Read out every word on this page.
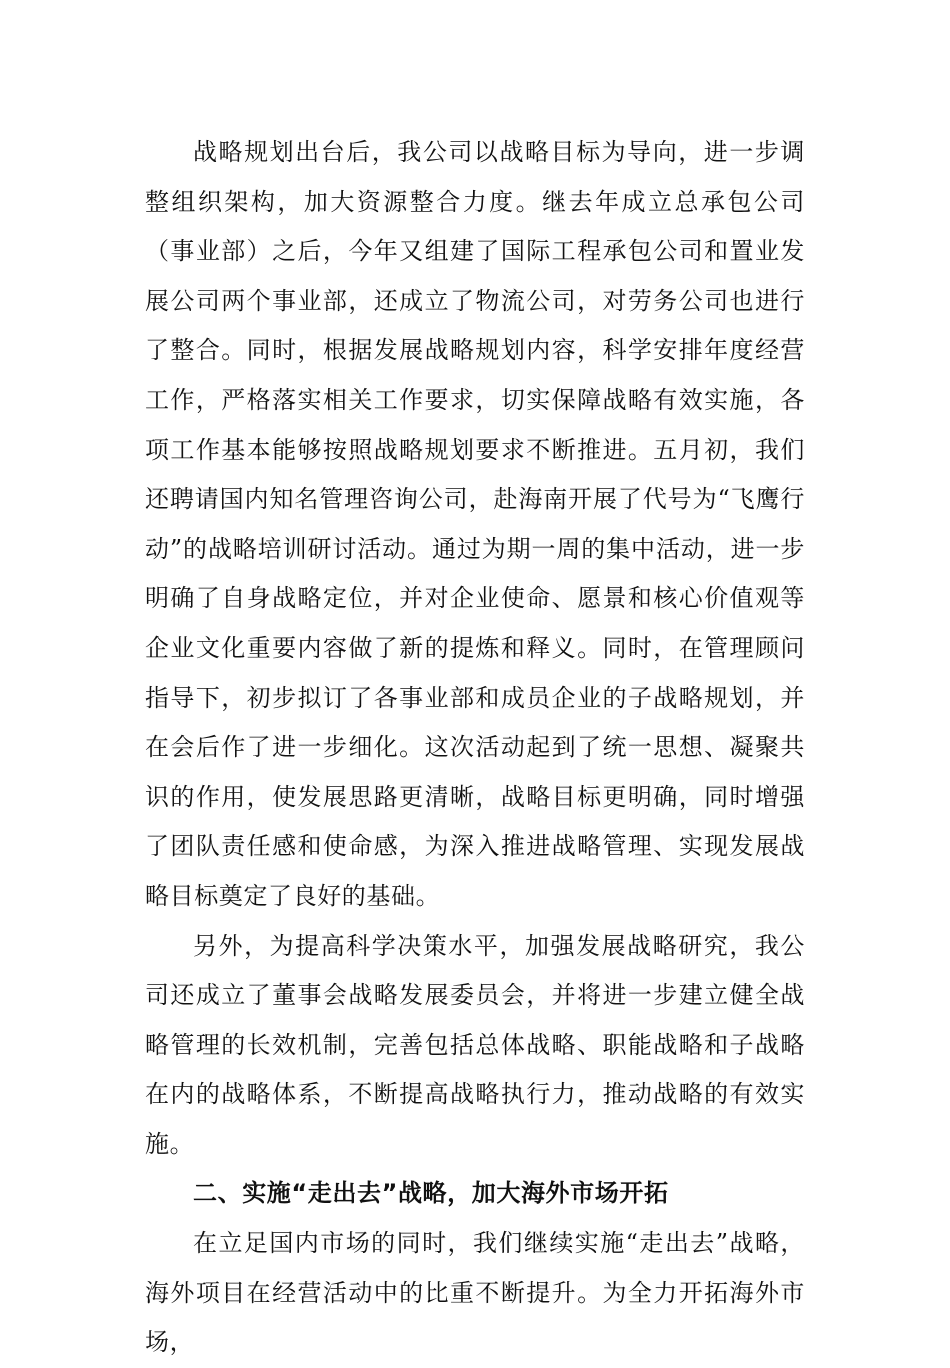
战略规划出台后，我公司以战略目标为导向，进一步调整组织架构，加大资源整合力度。继去年成立总承包公司（事业部）之后，今年又组建了国际工程承包公司和置业发展公司两个事业部，还成立了物流公司，对劳务公司也进行了整合。同时，根据发展战略规划内容，科学安排年度经营工作，严格落实相关工作要求，切实保障战略有效实施，各项工作基本能够按照战略规划要求不断推进。五月初，我们还聘请国内知名管理咨询公司，赴海南开展了代号为“飞鹰行动”的战略培训研讨活动。通过为期一周的集中活动，进一步明确了自身战略定位，并对企业使命、愿景和核心价值观等企业文化重要内容做了新的提炼和释义。同时，在管理顾问指导下，初步拟订了各事业部和成员企业的子战略规划，并在会后作了进一步细化。这次活动起到了统一思想、凝聚共识的作用，使发展思路更清晰，战略目标更明确，同时增强了团队责任感和使命感，为深入推进战略管理、实现发展战略目标奠定了良好的基础。

另外，为提高科学决策水平，加强发展战略研究，我公司还成立了董事会战略发展委员会，并将进一步建立健全战略管理的长效机制，完善包括总体战略、职能战略和子战略在内的战略体系，不断提高战略执行力，推动战略的有效实施。

二、实施“走出去”战略，加大海外市场开拓

在立足国内市场的同时，我们继续实施“走出去”战略，海外项目在经营活动中的比重不断提升。为全力开拓海外市场，
